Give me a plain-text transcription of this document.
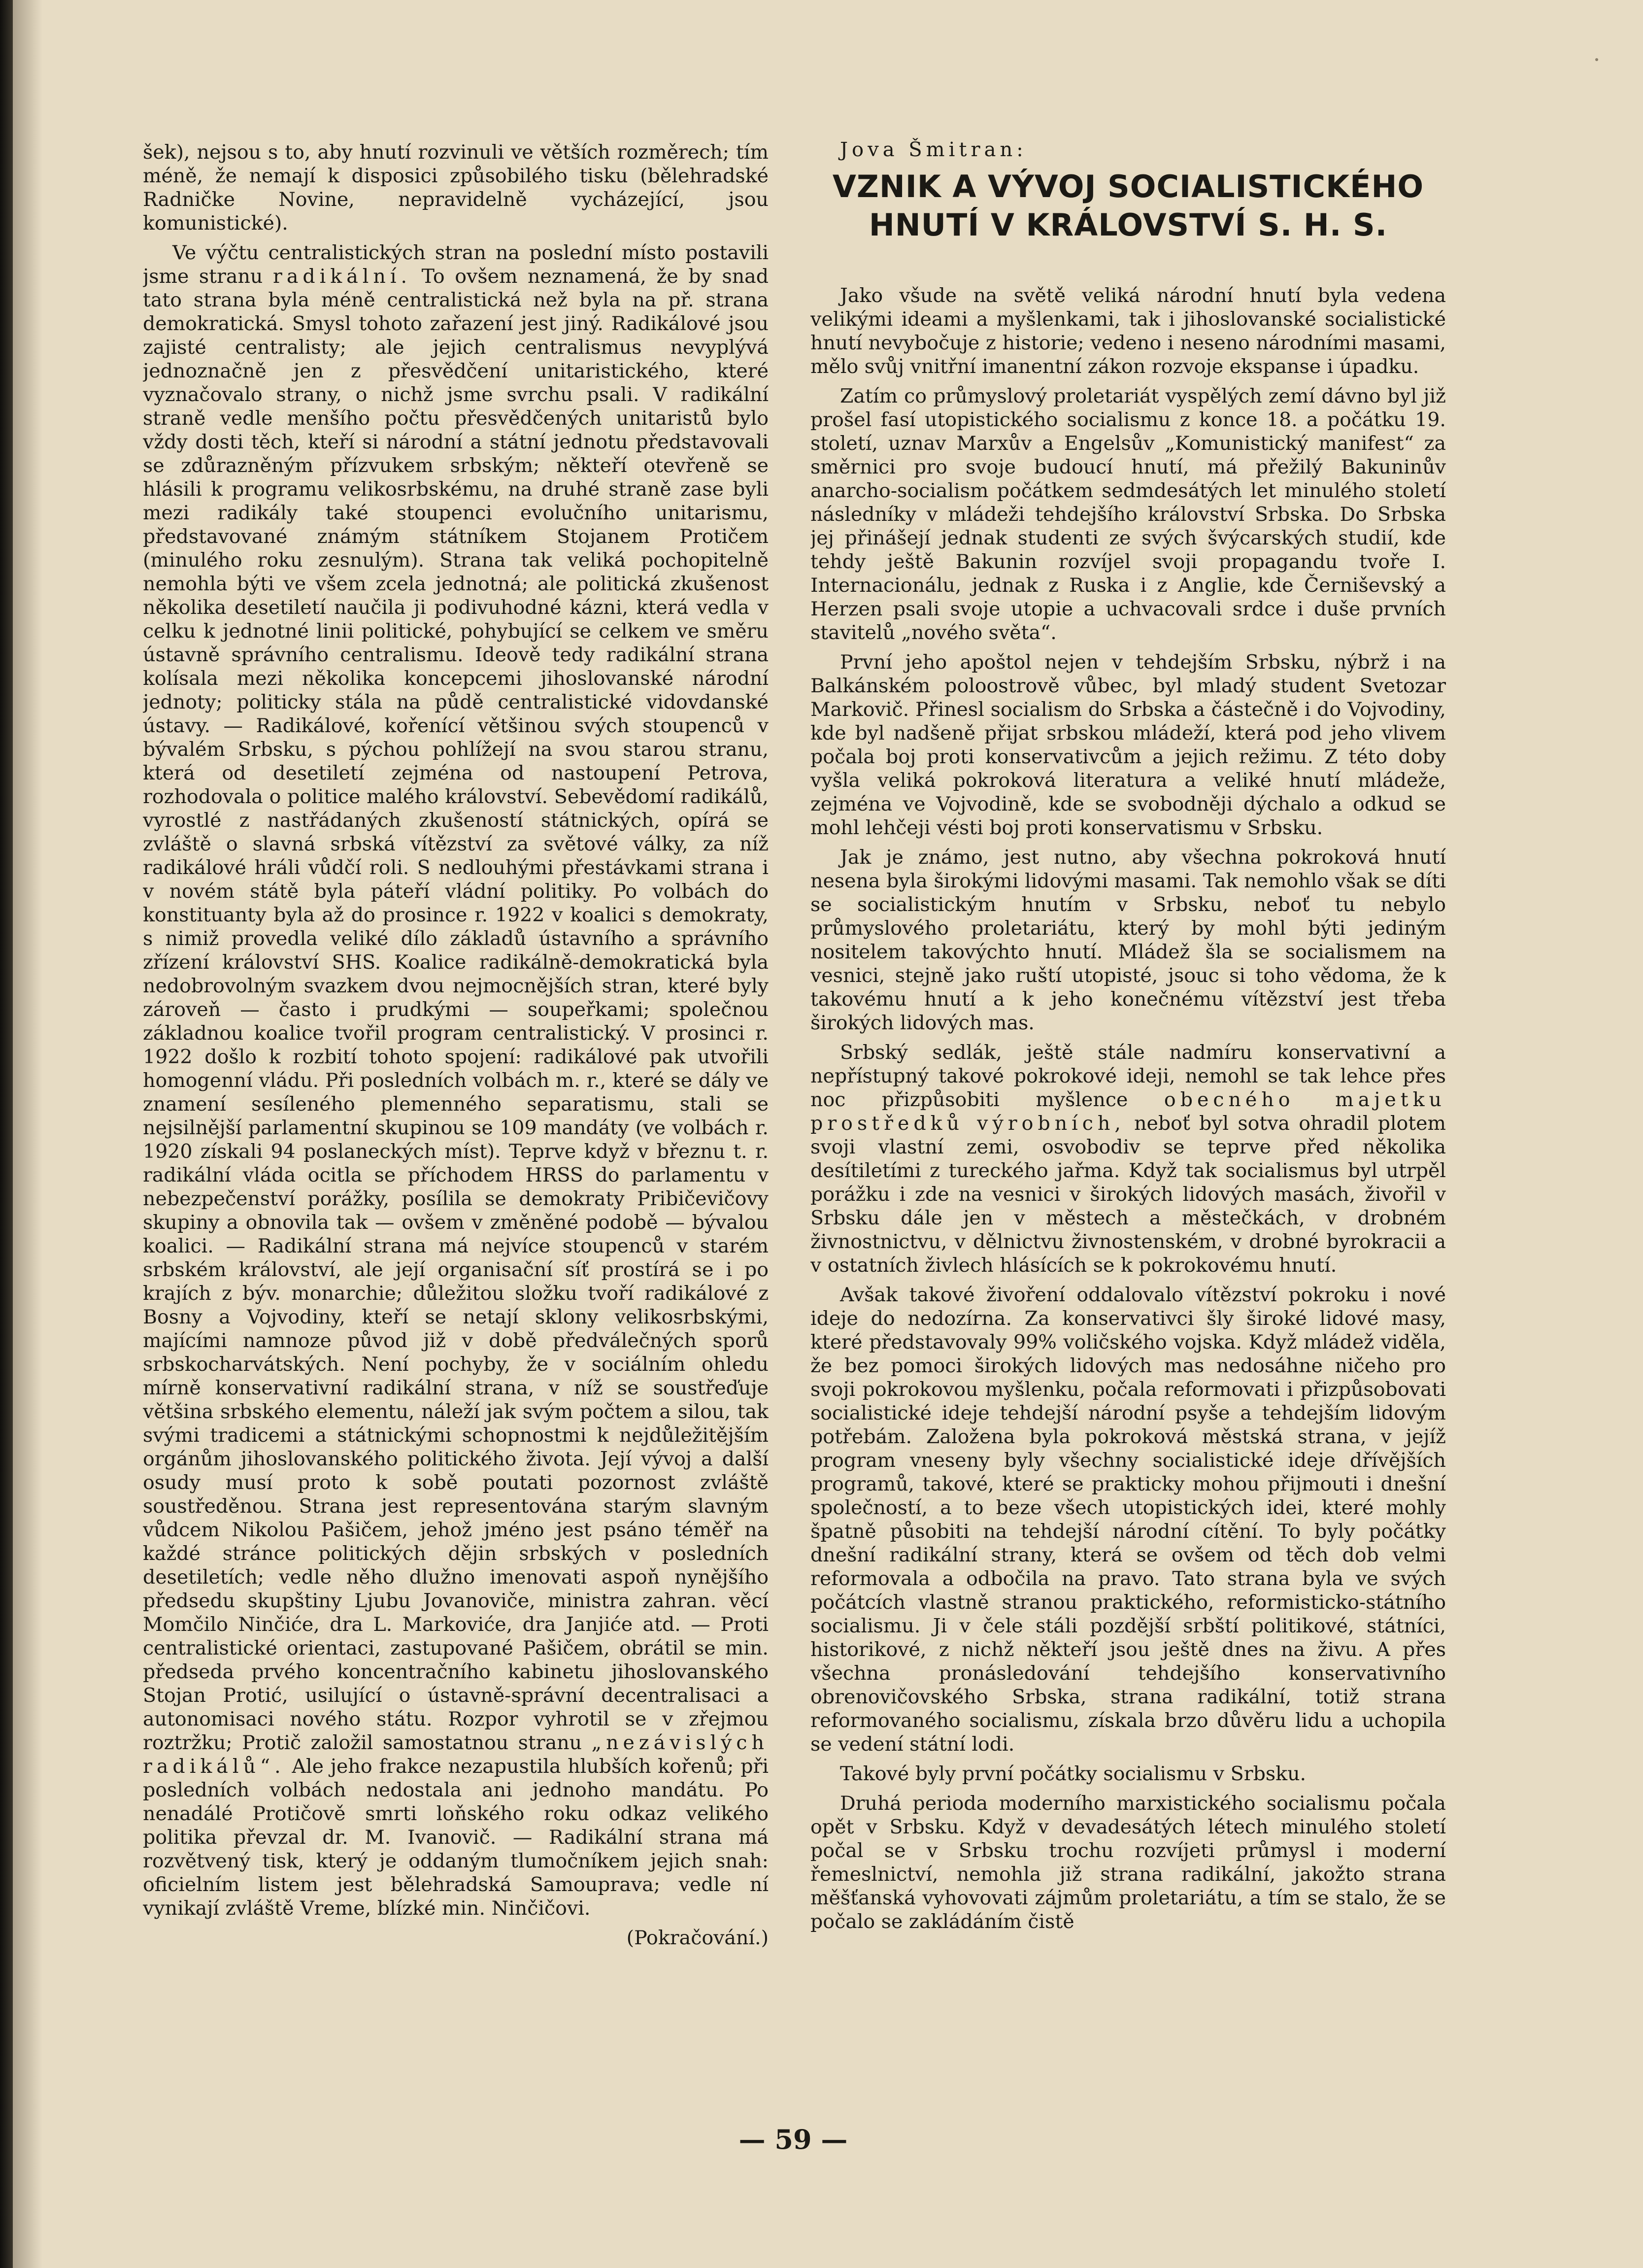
šek), nejsou s to, aby hnutí rozvinuli ve větších rozměrech; tím méně, že nemají k disposici způsobilého tisku (bělehradské Radničke Novine, nepravidelně vycházející, jsou komunistické).

Ve výčtu centralistických stran na poslední místo postavili jsme stranu radikální. To ovšem neznamená, že by snad tato strana byla méně centralistická než byla na př. strana demokratická. Smysl tohoto zařazení jest jiný. Radikálové jsou zajisté centralisty; ale jejich centralismus nevyplývá jednoznačně jen z přesvědčení unitaristického, které vyznačovalo strany, o nichž jsme svrchu psali. V radikální straně vedle menšího počtu přesvědčených unitaristů bylo vždy dosti těch, kteří si národní a státní jednotu představovali se zdůrazněným přízvukem srbským; někteří otevřeně se hlásili k programu velikosrbskému, na druhé straně zase byli mezi radikály také stoupenci evolučního unitarismu, představované známým státníkem Stojanem Protičem (minulého roku zesnulým). Strana tak veliká pochopitelně nemohla býti ve všem zcela jednotná; ale politická zkušenost několika desetiletí naučila ji podivuhodné kázni, která vedla v celku k jednotné linii politické, pohybující se celkem ve směru ústavně správního centralismu. Ideově tedy radikální strana kolísala mezi několika koncepcemi jihoslovanské národní jednoty; politicky stála na půdě centralistické vidovdanské ústavy. — Radikálové, kořenící většinou svých stoupenců v bývalém Srbsku, s pýchou pohlížejí na svou starou stranu, která od desetiletí zejména od nastoupení Petrova, rozhodovala o politice malého království. Sebevědomí radikálů, vyrostlé z nastřádaných zkušeností státnických, opírá se zvláště o slavná srbská vítězství za světové války, za níž radikálové hráli vůdčí roli. S nedlouhými přestávkami strana i v novém státě byla páteří vládní politiky. Po volbách do konstituanty byla až do prosince r. 1922 v koalici s demokraty, s nimiž provedla veliké dílo základů ústavního a správního zřízení království SHS. Koalice radikálně-demokratická byla nedobrovolným svazkem dvou nejmocnějších stran, které byly zároveň — často i prudkými — soupeřkami; společnou základnou koalice tvořil program centralistický. V prosinci r. 1922 došlo k rozbití tohoto spojení: radikálové pak utvořili homogenní vládu. Při posledních volbách m. r., které se dály ve znamení sesíleného plemenného separatismu, stali se nejsilnější parlamentní skupinou se 109 mandáty (ve volbách r. 1920 získali 94 poslaneckých míst). Teprve když v březnu t. r. radikální vláda ocitla se příchodem HRSS do parlamentu v nebezpečenství porážky, posílila se demokraty Pribičevičovy skupiny a obnovila tak — ovšem v změněné podobě — bývalou koalici. — Radikální strana má nejvíce stoupenců v starém srbském království, ale její organisační síť prostírá se i po krajích z býv. monarchie; důležitou složku tvoří radikálové z Bosny a Vojvodiny, kteří se netají sklony velikosrbskými, majícími namnoze původ již v době předválečných sporů srbskocharvátských. Není pochyby, že v sociálním ohledu mírně konservativní radikální strana, v níž se soustřeďuje většina srbského elementu, náleží jak svým počtem a silou, tak svými tradicemi a státnickými schopnostmi k nejdůležitějším orgánům jihoslovanského politického života. Její vývoj a další osudy musí proto k sobě poutati pozornost zvláště soustředěnou. Strana jest representována starým slavným vůdcem Nikolou Pašičem, jehož jméno jest psáno téměř na každé stránce politických dějin srbských v posledních desetiletích; vedle něho dlužno imenovati aspoň nynějšího předsedu skupštiny Ljubu Jovanoviče, ministra zahran. věcí Momčilo Ninčiće, dra L. Markoviće, dra Janjiće atd. — Proti centralistické orientaci, zastupované Pašičem, obrátil se min. předseda prvého koncentračního kabinetu jihoslovanského Stojan Protić, usilující o ústavně-správní decentralisaci a autonomisaci nového státu. Rozpor vyhrotil se v zřejmou roztržku; Protič založil samostatnou stranu „nezávislých radikálů“. Ale jeho frakce nezapustila hlubších kořenů; při posledních volbách nedostala ani jednoho mandátu. Po nenadálé Protičově smrti loňského roku odkaz velikého politika převzal dr. M. Ivanovič. — Radikální strana má rozvětvený tisk, který je oddaným tlumočníkem jejich snah: oficielním listem jest bělehradská Samouprava; vedle ní vynikají zvláště Vreme, blízké min. Ninčičovi.

(Pokračování.)

Jova Šmitran:

VZNIK A VÝVOJ SOCIALISTICKÉHO HNUTÍ V KRÁLOVSTVÍ S. H. S.

Jako všude na světě veliká národní hnutí byla vedena velikými ideami a myšlenkami, tak i jihoslovanské socialistické hnutí nevybočuje z historie; vedeno i neseno národními masami, mělo svůj vnitřní imanentní zákon rozvoje ekspanse i úpadku.

Zatím co průmyslový proletariát vyspělých zemí dávno byl již prošel fasí utopistického socialismu z konce 18. a počátku 19. století, uznav Marxův a Engelsův „Komunistický manifest“ za směrnici pro svoje budoucí hnutí, má přežilý Bakuninův anarcho-socialism počátkem sedmdesátých let minulého století následníky v mládeži tehdejšího království Srbska. Do Srbska jej přinášejí jednak studenti ze svých švýcarských studií, kde tehdy ještě Bakunin rozvíjel svoji propagandu tvoře I. Internacionálu, jednak z Ruska i z Anglie, kde Černiševský a Herzen psali svoje utopie a uchvacovali srdce i duše prvních stavitelů „nového světa“.

První jeho apoštol nejen v tehdejším Srbsku, nýbrž i na Balkánském poloostrově vůbec, byl mladý student Svetozar Markovič. Přinesl socialism do Srbska a částečně i do Vojvodiny, kde byl nadšeně přijat srbskou mládeží, která pod jeho vlivem počala boj proti konservativcům a jejich režimu. Z této doby vyšla veliká pokroková literatura a veliké hnutí mládeže, zejména ve Vojvodině, kde se svobodněji dýchalo a odkud se mohl lehčeji vésti boj proti konservatismu v Srbsku.

Jak je známo, jest nutno, aby všechna pokroková hnutí nesena byla širokými lidovými masami. Tak nemohlo však se díti se socialistickým hnutím v Srbsku, neboť tu nebylo průmyslového proletariátu, který by mohl býti jediným nositelem takovýchto hnutí. Mládež šla se socialismem na vesnici, stejně jako ruští utopisté, jsouc si toho vědoma, že k takovému hnutí a k jeho konečnému vítězství jest třeba širokých lidových mas.

Srbský sedlák, ještě stále nadmíru konservativní a nepřístupný takové pokrokové ideji, nemohl se tak lehce přes noc přizpůsobiti myšlence obecného majetku prostředků výrobních, neboť byl sotva ohradil plotem svoji vlastní zemi, osvobodiv se teprve před několika desítiletími z tureckého jařma. Když tak socialismus byl utrpěl porážku i zde na vesnici v širokých lidových masách, živořil v Srbsku dále jen v městech a městečkách, v drobném živnostnictvu, v dělnictvu živnostenském, v drobné byrokracii a v ostatních živlech hlásících se k pokrokovému hnutí.

Avšak takové živoření oddalovalo vítězství pokroku i nové ideje do nedozírna. Za konservativci šly široké lidové masy, které představovaly 99% voličského vojska. Když mládež viděla, že bez pomoci širokých lidových mas nedosáhne ničeho pro svoji pokrokovou myšlenku, počala reformovati i přizpůsobovati socialistické ideje tehdejší národní psyše a tehdejším lidovým potřebám. Založena byla pokroková městská strana, v jejíž program vneseny byly všechny socialistické ideje dřívějších programů, takové, které se prakticky mohou přijmouti i dnešní společností, a to beze všech utopistických idei, které mohly špatně působiti na tehdejší národní cítění. To byly počátky dnešní radikální strany, která se ovšem od těch dob velmi reformovala a odbočila na pravo. Tato strana byla ve svých počátcích vlastně stranou praktického, reformisticko-státního socialismu. Ji v čele stáli pozdější srbští politikové, státníci, historikové, z nichž někteří jsou ještě dnes na živu. A přes všechna pronásledování tehdejšího konservativního obrenovičovského Srbska, strana radikální, totiž strana reformovaného socialismu, získala brzo důvěru lidu a uchopila se vedení státní lodi.

Takové byly první počátky socialismu v Srbsku.

Druhá perioda moderního marxistického socialismu počala opět v Srbsku. Když v devadesátých létech minulého století počal se v Srbsku trochu rozvíjeti průmysl i moderní řemeslnictví, nemohla již strana radikální, jakožto strana měšťanská vyhovovati zájmům proletariátu, a tím se stalo, že se počalo se zakládáním čistě

— 59 —
